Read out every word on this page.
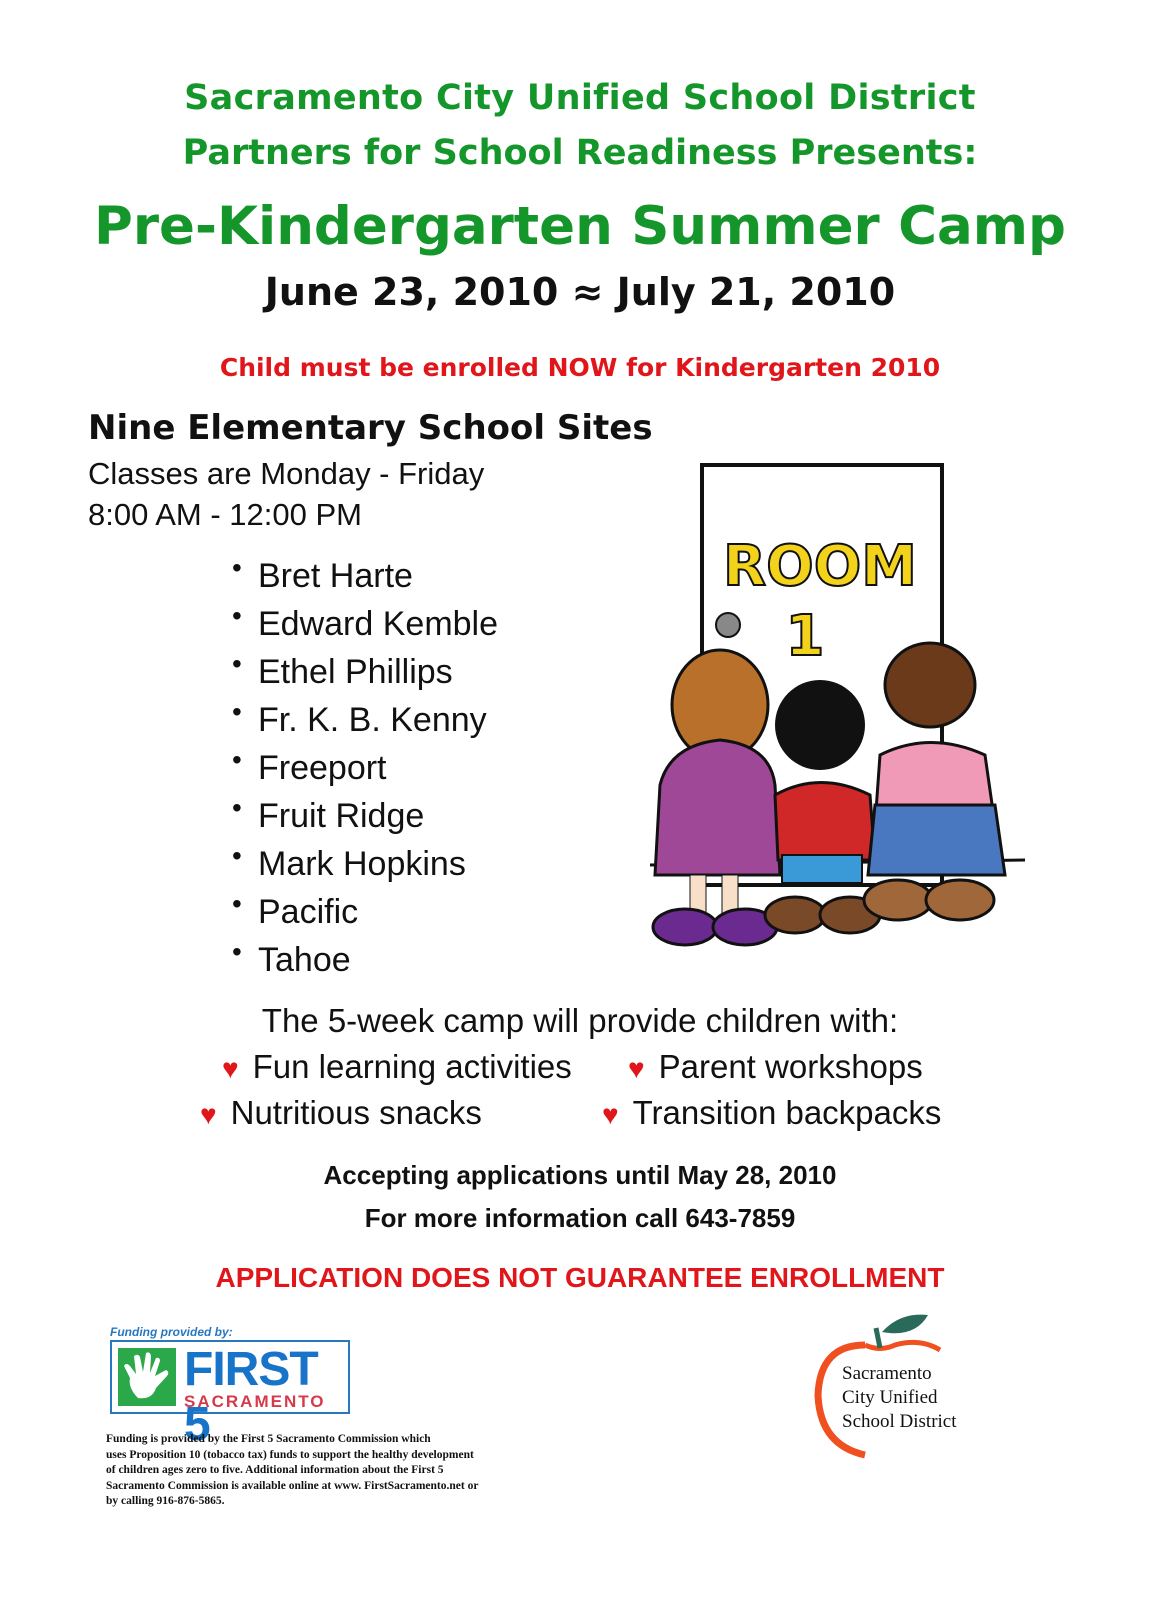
Sacramento City Unified School District
Partners for School Readiness Presents:
Pre-Kindergarten Summer Camp
June 23, 2010 ≈ July 21, 2010
Child must be enrolled NOW for Kindergarten 2010
Nine Elementary School Sites
Classes are Monday - Friday
8:00 AM - 12:00 PM
• Bret Harte
• Edward Kemble
• Ethel Phillips
• Fr. K. B. Kenny
• Freeport
• Fruit Ridge
• Mark Hopkins
• Pacific
• Tahoe
ROOM
1
The 5-week camp will provide children with:
♥ Fun learning activities ♥ Parent workshops
♥ Nutritious snacks	♥ Transition backpacks
Accepting applications until May 28, 2010
For more information call 643-7859
APPLICATION DOES NOT GUARANTEE ENROLLMENT
Funding provided by:
FIRST 5
SACRAMENTO
Funding is provided by the First 5 Sacramento Commission which
uses Proposition 10 (tobacco tax) funds to support the healthy development
of children ages zero to five. Additional information about the First 5
Sacramento Commission is available online at www. FirstSacramento.net or
by calling 916-876-5865.
Sacramento
City Unified
School District
